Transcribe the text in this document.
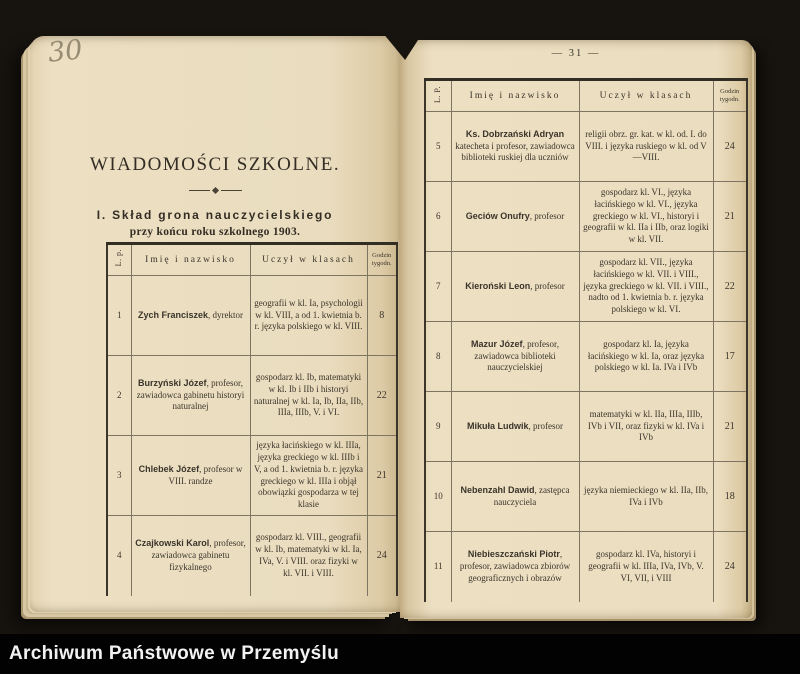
30
WIADOMOŚCI SZKOLNE.
I. Skład grona nauczycielskiego
przy końcu roku szkolnego 1903.
L. p.	Imię i nazwisko	Uczył w klasach	Godzin
tygodn.

1	Zych Franciszek, dyrektor	geografii w kl. Ia, psychologii w kl. VIII, a od 1. kwietnia b. r. języka polskiego w kl. VIII.	8
2	Burzyński Józef, profesor, zawiadowca gabinetu historyi naturalnej	gospodarz kl. Ib, matematyki w kl. Ib i IIb i historyi naturalnej w kl. Ia, Ib, IIa, IIb, IIIa, IIIb, V. i VI.	22
3	Chlebek Józef, profesor w VIII. randze	języka łacińskiego w kl. IIIa, języka greckiego w kl. IIIb i V, a od 1. kwietnia b. r. języka greckiego w kl. IIIa i objął obowiązki gospodarza w tej klasie	21
4	Czajkowski Karol, profesor, zawiadowca gabinetu fizykalnego	gospodarz kl. VIII., geografii w kl. Ib, matematyki w kl. Ia, IVa, V. i VIII. oraz fizyki w kl. VII. i VIII.	24
— 31 —
L. P.	Imię i nazwisko	Uczył w klasach	Godzin
tygodn.

5	Ks. Dobrzański Adryan katecheta i profesor, zawiadowca biblioteki ruskiej dla uczniów	religii obrz. gr. kat. w kl. od. I. do VIII. i języka ruskiego w kl. od V—VIII.	24
6	Geciów Onufry, profesor	gospodarz kl. VI., języka łacińskiego w kl. VI., języka greckiego w kl. VI., historyi i geografii w kl. IIa i IIb, oraz logiki w kl. VII.	21
7	Kieroński Leon, profesor	gospodarz kl. VII., języka łacińskiego w kl. VII. i VIII., języka greckiego w kl. VII. i VIII., nadto od 1. kwietnia b. r. języka polskiego w kl. VI.	22
8	Mazur Józef, profesor, zawiadowca biblioteki nauczycielskiej	gospodarz kl. Ia, języka łacińskiego w kl. Ia, oraz języka polskiego w kl. Ia. IVa i IVb	17
9	Mikuła Ludwik, profesor	matematyki w kl. IIa, IIIa, IIIb, IVb i VII, oraz fizyki w kl. IVa i IVb	21
10	Nebenzahl Dawid, zastępca nauczyciela	języka niemieckiego w kl. IIa, IIb, IVa i IVb	18
11	Niebieszczański Piotr, profesor, zawiadowca zbiorów geograficznych i obrazów	gospodarz kl. IVa, historyi i geografii w kl. IIIa, IVa, IVb, V. VI, VII, i VIII	24
Archiwum Państwowe w Przemyślu
